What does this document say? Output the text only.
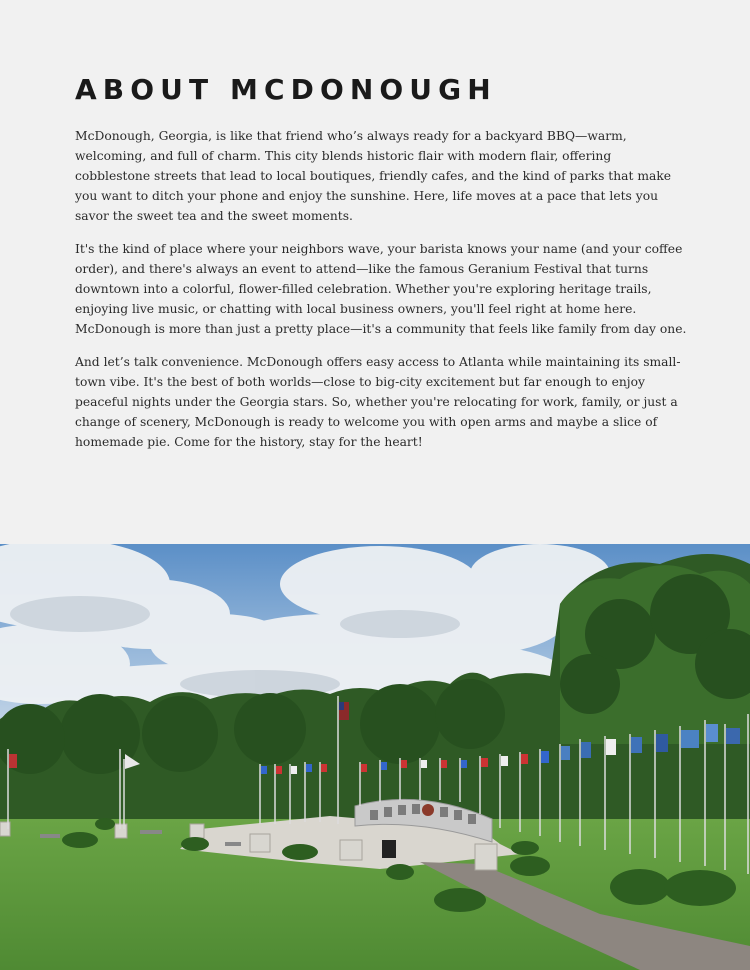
ABOUT MCDONOUGH

McDonough, Georgia, is like that friend who’s always ready for a backyard BBQ—warm, welcoming, and full of charm. This city blends historic flair with modern flair, offering cobblestone streets that lead to local boutiques, friendly cafes, and the kind of parks that make you want to ditch your phone and enjoy the sunshine. Here, life moves at a pace that lets you savor the sweet tea and the sweet moments.

It's the kind of place where your neighbors wave, your barista knows your name (and your coffee order), and there's always an event to attend—like the famous Geranium Festival that turns downtown into a colorful, flower-filled celebration. Whether you're exploring heritage trails, enjoying live music, or chatting with local business owners, you'll feel right at home here. McDonough is more than just a pretty place—it's a community that feels like family from day one.

And let’s talk convenience. McDonough offers easy access to Atlanta while maintaining its small-town vibe. It's the best of both worlds—close to big-city excitement but far enough to enjoy peaceful nights under the Georgia stars. So, whether you're relocating for work, family, or just a change of scenery, McDonough is ready to welcome you with open arms and maybe a slice of homemade pie. Come for the history, stay for the heart!
